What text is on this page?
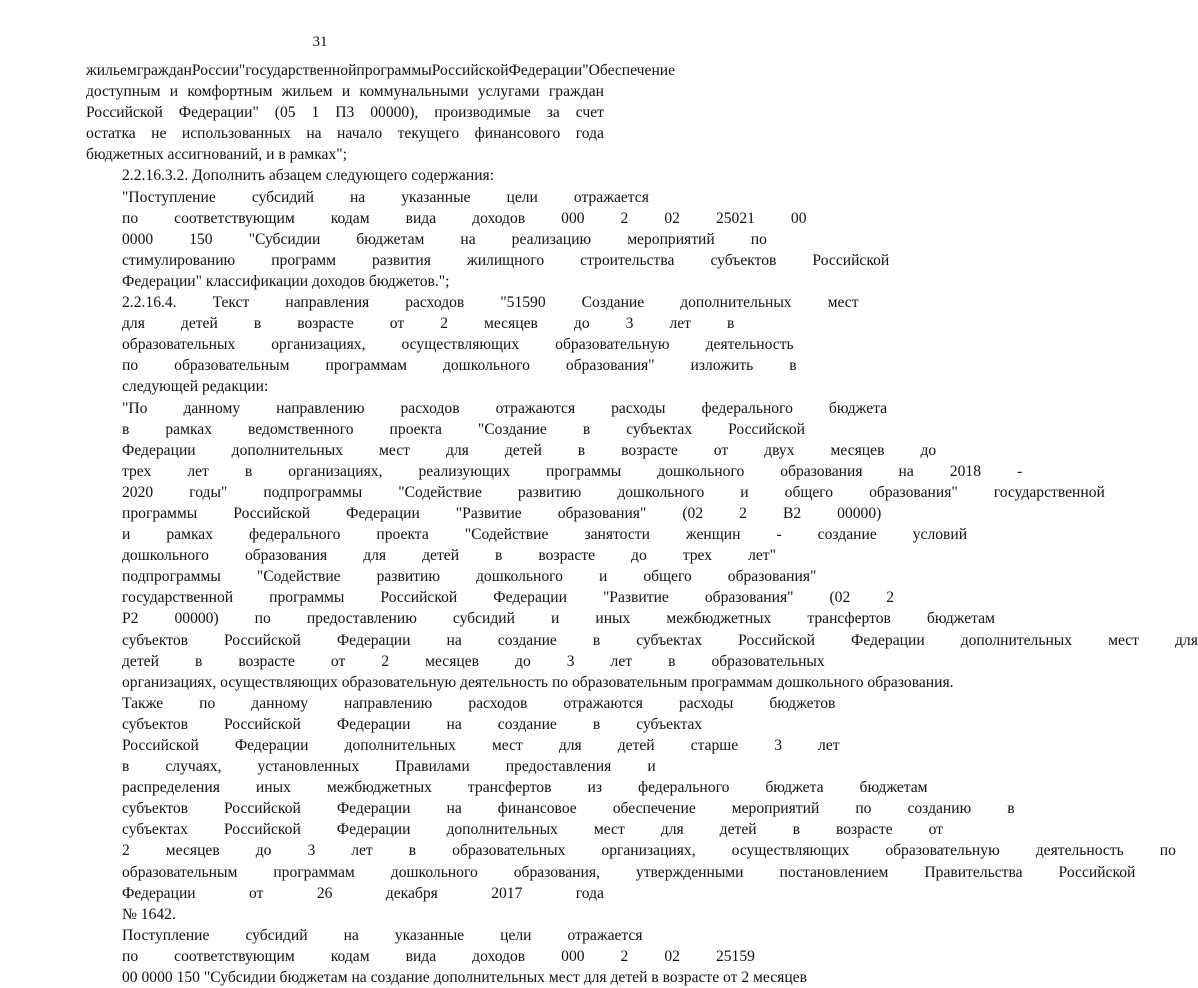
31
жильем граждан России" государственной программы Российской Федерации "Обеспечение
доступным и комфортным жильем и коммунальными услугами граждан
Российской Федерации" (05 1 П3 00000), производимые за счет
остатка не использованных на начало текущего финансового года
бюджетных ассигнований, и в рамках";
2.2.16.3.2. Дополнить абзацем следующего содержания:
"Поступление	субсидий	на	указанные	цели	отражается
по	соответствующим	кодам	вида	доходов	000	2	02	25021	00
0000	150	"Субсидии	бюджетам	на	реализацию	мероприятий	по
стимулированию	программ	развития	жилищного	строительства	субъектов	Российской
Федерации" классификации доходов бюджетов.";
2.2.16.4.	Текст	направления	расходов	"51590	Создание	дополнительных	мест
для	детей	в	возрасте	от	2	месяцев	до	3	лет	в
образовательных	организациях,	осуществляющих	образовательную	деятельность
по	образовательным	программам	дошкольного	образования"	изложить	в
следующей редакции:
"По	данному	направлению	расходов	отражаются	расходы	федерального	бюджета
в	рамках	ведомственного	проекта	"Создание	в	субъектах	Российской
Федерации	дополнительных	мест	для	детей	в	возрасте	от	двух	месяцев	до
трех	лет	в	организациях,	реализующих	программы	дошкольного	образования	на	2018	-
2020	годы"	подпрограммы	"Содействие	развитию	дошкольного	и	общего	образования"	государственной
программы	Российской	Федерации	"Развитие	образования"	(02	2	В2	00000)
и	рамках	федерального	проекта	"Содействие	занятости	женщин	-	создание	условий
дошкольного	образования	для	детей	в	возрасте	до	трех	лет"
подпрограммы	"Содействие	развитию	дошкольного	и	общего	образования"
государственной	программы	Российской	Федерации	"Развитие	образования"	(02	2
Р2	00000)	по	предоставлению	субсидий	и	иных	межбюджетных	трансфертов	бюджетам
субъектов	Российской	Федерации	на	создание	в	субъектах	Российской	Федерации	дополнительных	мест	для
детей	в	возрасте	от	2	месяцев	до	3	лет	в	образовательных
организациях, осуществляющих образовательную деятельность по образовательным программам дошкольного образования.
Также	по	данному	направлению	расходов	отражаются	расходы	бюджетов
субъектов	Российской	Федерации	на	создание	в	субъектах
Российской	Федерации	дополнительных	мест	для	детей	старше	3	лет
в	случаях,	установленных	Правилами	предоставления	и
распределения	иных	межбюджетных	трансфертов	из	федерального	бюджета	бюджетам
субъектов	Российской	Федерации	на	финансовое	обеспечение	мероприятий	по	созданию	в
субъектах	Российской	Федерации	дополнительных	мест	для	детей	в	возрасте	от
2	месяцев	до	3	лет	в	образовательных	организациях,	осуществляющих	образовательную	деятельность	по
образовательным	программам	дошкольного	образования,	утвержденными	постановлением	Правительства	Российской
Федерации	от	26	декабря	2017	года
№ 1642.
Поступление	субсидий	на	указанные	цели	отражается
по	соответствующим	кодам	вида	доходов	000	2	02	25159
00 0000 150 "Субсидии бюджетам на создание дополнительных мест для детей в возрасте от 2 месяцев
